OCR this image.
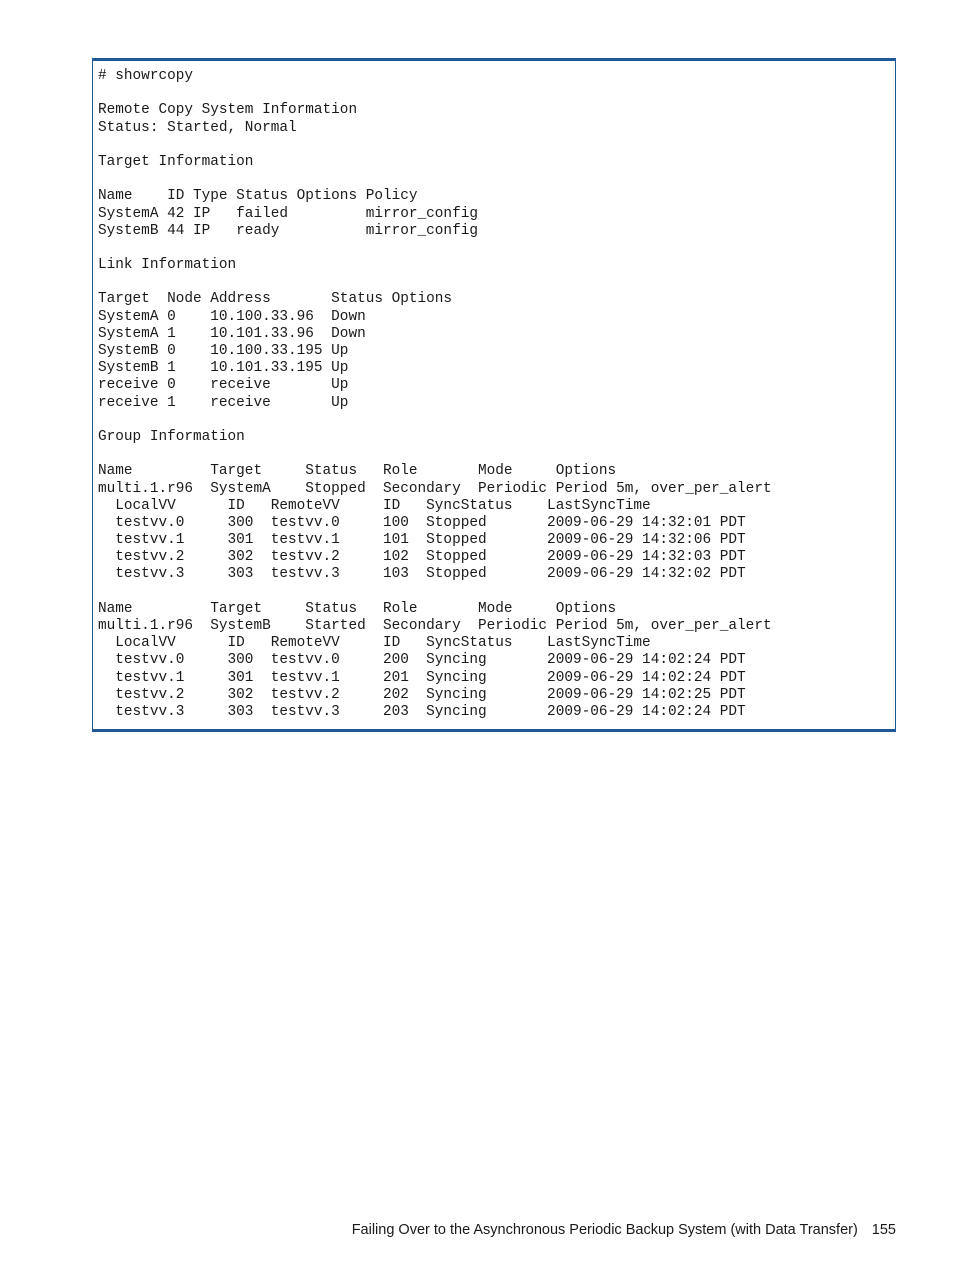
# showrcopy
Remote Copy System Information
Status: Started, Normal
Target Information
Name    ID Type Status Options Policy
SystemA 42 IP   failed         mirror_config
SystemB 44 IP   ready          mirror_config
Link Information
Target  Node Address       Status Options
SystemA 0    10.100.33.96  Down
SystemA 1    10.101.33.96  Down
SystemB 0    10.100.33.195 Up
SystemB 1    10.101.33.195 Up
receive 0    receive       Up
receive 1    receive       Up
Group Information
Name         Target     Status   Role       Mode     Options
multi.1.r96  SystemA    Stopped  Secondary  Periodic Period 5m, over_per_alert
LocalVV      ID   RemoteVV     ID   SyncStatus    LastSyncTime
testvv.0     300  testvv.0     100  Stopped       2009-06-29 14:32:01 PDT
testvv.1     301  testvv.1     101  Stopped       2009-06-29 14:32:06 PDT
testvv.2     302  testvv.2     102  Stopped       2009-06-29 14:32:03 PDT
testvv.3     303  testvv.3     103  Stopped       2009-06-29 14:32:02 PDT
Name         Target     Status   Role       Mode     Options
multi.1.r96  SystemB    Started  Secondary  Periodic Period 5m, over_per_alert
LocalVV      ID   RemoteVV     ID   SyncStatus    LastSyncTime
testvv.0     300  testvv.0     200  Syncing       2009-06-29 14:02:24 PDT
testvv.1     301  testvv.1     201  Syncing       2009-06-29 14:02:24 PDT
testvv.2     302  testvv.2     202  Syncing       2009-06-29 14:02:25 PDT
testvv.3     303  testvv.3     203  Syncing       2009-06-29 14:02:24 PDT
Failing Over to the Asynchronous Periodic Backup System (with Data Transfer) 155
